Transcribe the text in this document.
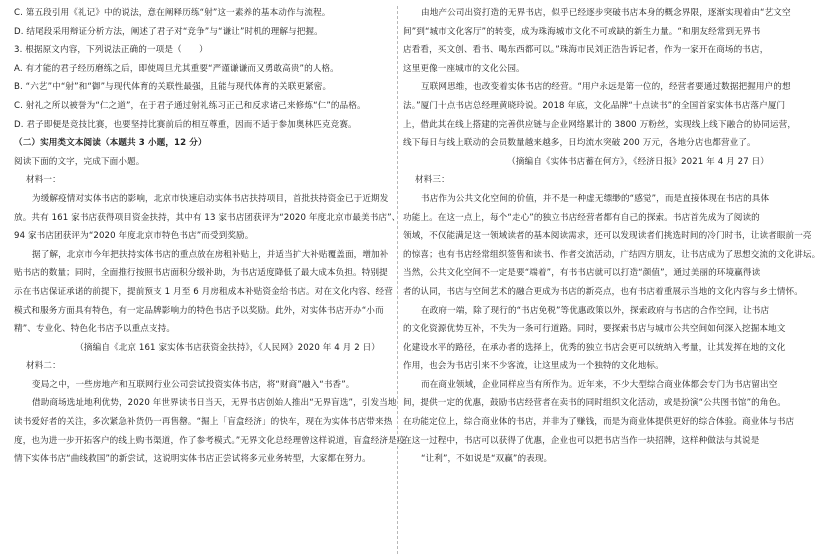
C. 第五段引用《礼记》中的说法，意在阐释历练“射”这一素养的基本动作与流程。
D. 结尾段采用辩证分析方法，阐述了君子对“竞争”与“谦让”时机的理解与把握。
3. 根据原文内容，下列说法正确的一项是（　　）
A. 有才能的君子经历磨练之后，即使周旦尤其重要“严谨谦谦而又勇敢高贵”的人格。
B. “六艺”中“射”和“御”与现代体育的关联性最强，且能与现代体育的关联更紧密。
C. 射礼之所以被誉为“仁之道”，在于君子通过射礼练习正己和反求诸己来修炼“仁”的品格。
D. 君子即便是竞技比赛，也要坚持比赛前后的相互尊重，因而不适于参加奥林匹克竞赛。
（二）实用类文本阅读（本题共 3 小题，12 分）
阅读下面的文字，完成下面小题。
材料一：
为缓解疫情对实体书店的影响，北京市快速启动实体书店扶持项目，首批扶持资金已于近期发
放。共有 161 家书店获得项目资金扶持，其中有 13 家书店团获评为“2020 年度北京市最美书店”、
94 家书店团获评为“2020 年度北京市特色书店”而受到奖励。
据了解，北京市今年把扶持实体书店的重点放在房租补贴上，并适当扩大补贴覆盖面，增加补
贴书店的数量；同时，全面推行按照书店面积分级补助，为书店适度降低了最大成本负担。特别提
示在书店保证承诺的前提下，提前预支 1 月至 6 月房租成本补贴资金给书店。对在文化内容、经营
模式和服务方面具有特色，有一定品牌影响力的特色书店予以奖励。此外，对实体书店开办“小而
精”、专业化、特色化书店予以重点支持。
（摘编自《北京 161 家实体书店获资金扶持》，《人民网》2020 年 4 月 2 日）
材料二：
变局之中，一些房地产和互联网行业公司尝试投资实体书店，将“财商”融入“书香”。
借助商场选址地利优势，2020 年世界读书日当天，无界书店创始人推出“无界盲选”，引发当地
读书爱好者的关注，多次紧急补货仍一再售罄。“掘上「盲盒经济」的快车，现在为实体书店带来热
度，也为进一步开拓客户的线上购书渠道，作了参考模式。”无界文化总经理曾这样说道，盲盒经济是疫
情下实体书店“曲线救国”的新尝试，这说明实体书店正尝试将多元业务转型，大家都在努力。
由地产公司出资打造的无界书店，似乎已经逐步突破书店本身的概念界限，逐渐实现着由“艺文空
间”到“城市文化客厅”的转变，成为珠海城市文化不可或缺的新生力量。“和朋友经常到无界书
店看看，买文创、看书、喝东西都可以。”珠海市民刘正浩告诉记者，作为一家开在商场的书店，
这里更像一座城市的文化公园。
互联网思维，也改变着实体书店的经营。“用户永远是第一位的，经营者要通过数据把握用户的想
法。”厦门十点书店总经理黄晓玲说。2018 年底，文化品牌“十点读书”的全国首家实体书店落户厦门
上，借此其在线上搭建的完善供应链与企业网络累计的 3800 万粉丝，实现线上线下融合的协同运营，
线下每日与线上联动的会员数量越来越多，日均流水突破 200 万元，各地分店也都营业了。
（摘编自《实体书店蓄在何方》，《经济日报》2021 年 4 月 27 日）
材料三：
书店作为公共文化空间的价值，并不是一种虚无缥缈的“感觉”，而是直接体现在书店的具体
功能上。在这一点上，每个“走心”的独立书店经营者都有自己的探索。书店首先成为了阅读的
领域，不仅能满足这一领域读者的基本阅读需求，还可以发现读者们挑选时间的冷门时书，让读者眼前一亮
的惊喜；也有书店经常组织签售和读书、作者交流活动，广结四方朋友，让书店成为了思想交流的文化讲坛。
当然，公共文化空间不一定是要“端着”，有书书店就可以打造“颜值”，通过美丽的环境赢得读
者的认同，书店与空间艺术的融合更成为书店的新亮点，也有书店着重展示当地的文化内容与乡土情怀。
在政府一端，除了现行的“书店免税”等优惠政策以外，探索政府与书店的合作空间，让书店
的文化资源优势互补，不失为一条可行道路。同时，要探索书店与城市公共空间如何深入挖掘本地文
化建设水平的路径，在承办者的选择上，优秀的独立书店会更可以统纳入考量，让其发挥在地的文化
作用，也会为书店引来不少客流，让这里成为一个独特的文化地标。
而在商业领域，企业同样应当有所作为。近年来，不少大型综合商业体都会专门为书店留出空
间，提供一定的优惠，鼓励书店经营者在卖书的同时组织文化活动，或是扮演“公共图书馆”的角色。
在功能定位上，综合商业体的书店，并非为了赚钱，而是为商业体提供更好的综合体验。商业体与书店
在这一过程中，书店可以获得了优惠，企业也可以把书店当作一块招牌，这样种做法与其说是
“让利”，不如说是“双赢”的表现。
